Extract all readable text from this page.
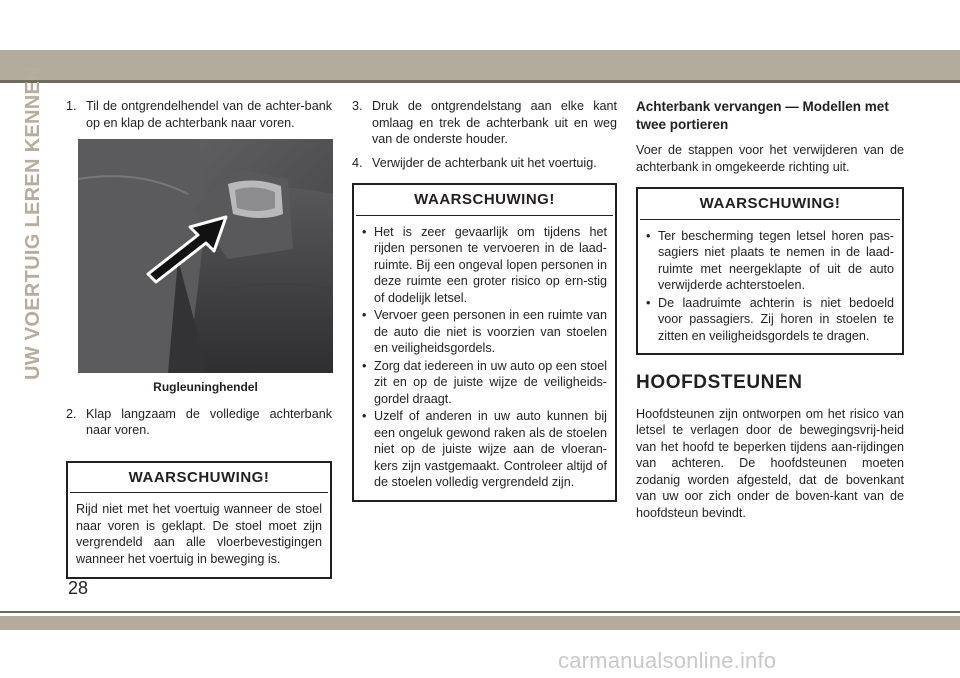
UW VOERTUIG LEREN KENNEN 1. Til de ontgrendelhendel van de achter-bank op en klap de achterbank naar voren.
Rugleuninghendel
2. Klap langzaam de volledige achterbank naar voren.
WAARSCHUWING!
Rijd niet met het voertuig wanneer de stoel naar voren is geklapt. De stoel moet zijn vergrendeld aan alle vloerbevestigingen wanneer het voertuig in beweging is.
3. Druk de ontgrendelstang aan elke kant omlaag en trek de achterbank uit en weg van de onderste houder.
4. Verwijder de achterbank uit het voertuig.
WAARSCHUWING!
• Het is zeer gevaarlijk om tijdens het rijden personen te vervoeren in de laad-ruimte. Bij een ongeval lopen personen in deze ruimte een groter risico op ern-stig of dodelijk letsel.
• Vervoer geen personen in een ruimte van de auto die niet is voorzien van stoelen en veiligheidsgordels.
• Zorg dat iedereen in uw auto op een stoel zit en op de juiste wijze de veiligheids-gordel draagt.
• Uzelf of anderen in uw auto kunnen bij een ongeluk gewond raken als de stoelen niet op de juiste wijze aan de vloeran-kers zijn vastgemaakt. Controleer altijd of de stoelen volledig vergrendeld zijn.
Achterbank vervangen — Modellen met twee portieren
Voer de stappen voor het verwijderen van de achterbank in omgekeerde richting uit.
WAARSCHUWING!
• Ter bescherming tegen letsel horen pas-sagiers niet plaats te nemen in de laad-ruimte met neergeklapte of uit de auto verwijderde achterstoelen.
• De laadruimte achterin is niet bedoeld voor passagiers. Zij horen in stoelen te zitten en veiligheidsgordels te dragen.
HOOFDSTEUNEN
Hoofdsteunen zijn ontworpen om het risico van letsel te verlagen door de bewegingsvrij-heid van het hoofd te beperken tijdens aan-rijdingen van achteren. De hoofdsteunen moeten zodanig worden afgesteld, dat de bovenkant van uw oor zich onder de boven-kant van de hoofdsteun bevindt.
28
carmanualsonline.info
